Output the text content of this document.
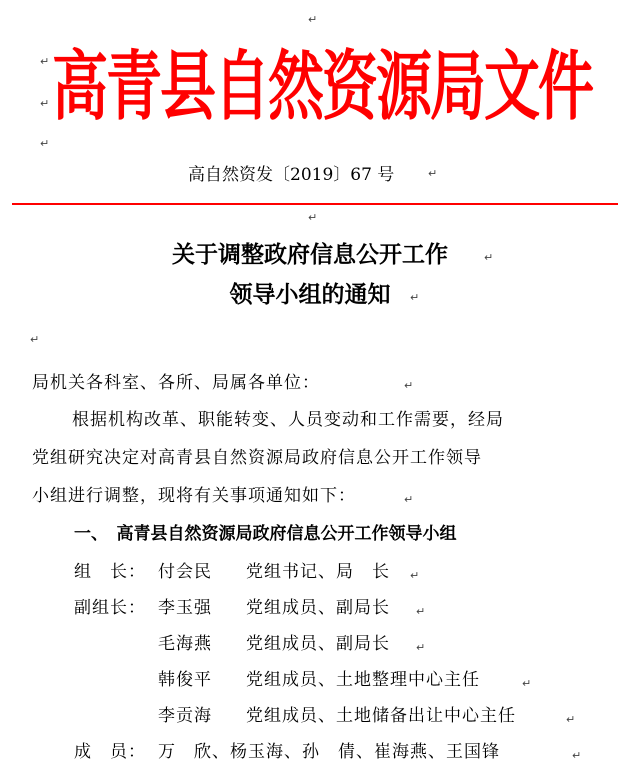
↵
↵
↵
↵
↵
↵
↵
↵
↵
↵
↵
↵
↵
↵
↵
↵
↵
高青县自然资源局文件
高自然资发〔2019〕67 号
关于调整政府信息公开工作
领导小组的通知
局机关各科室、各所、局属各单位：
根据机构改革、职能转变、人员变动和工作需要，经局
党组研究决定对高青县自然资源局政府信息公开工作领导
小组进行调整，现将有关事项通知如下：
一、　高青县自然资源局政府信息公开工作领导小组
组　长： 付会民 党组书记、局　长
副组长： 李玉强 党组成员、副局长
毛海燕 党组成员、副局长
韩俊平 党组成员、土地整理中心主任
李贡海 党组成员、土地储备出让中心主任
成　员： 万　欣、杨玉海、孙　倩、崔海燕、王国锋
